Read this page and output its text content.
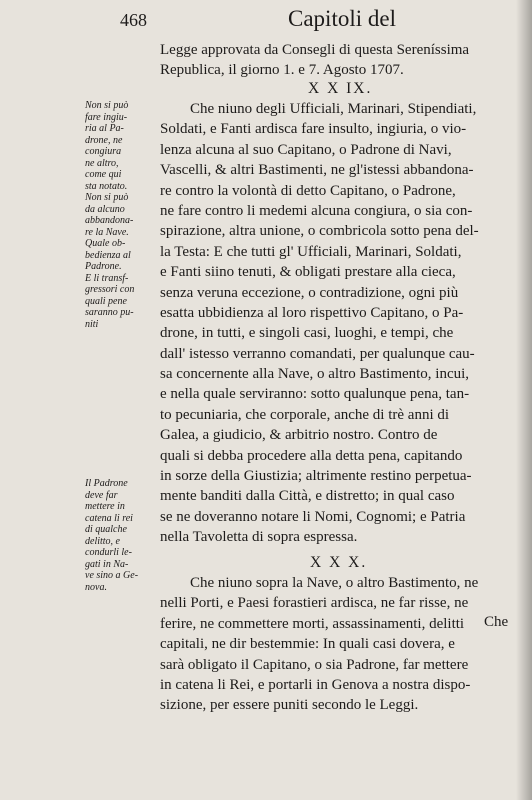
468	Capitoli del
Legge approvata da Consegli di questa Sereníssima
Republica, il giorno 1. e 7. Agosto 1707.
X X IX.
Che niuno degli Ufficiali, Marinari, Stipendiati,
Soldati, e Fanti ardisca fare insulto, ingiuria, o vio-
lenza alcuna al suo Capitano, o Padrone di Navi,
Vascelli, & altri Bastimenti, ne gl'istessi abbandona-
re contro la volontà di detto Capitano, o Padrone,
ne fare contro li medemi alcuna congiura, o sia con-
spirazione, altra unione, o combricola sotto pena del-
la Testa: E che tutti gl' Ufficiali, Marinari, Soldati,
e Fanti siino tenuti, & obligati prestare alla cieca,
senza veruna eccezione, o contradizione, ogni più
esatta ubbidienza al loro rispettivo Capitano, o Pa-
drone, in tutti, e singoli casi, luoghi, e tempi, che
dall' istesso verranno comandati, per qualunque cau-
sa concernente alla Nave, o altro Bastimento, incui,
e nella quale serviranno: sotto qualunque pena, tan-
to pecuniaria, che corporale, anche di trè anni di
Galea, a giudicio, & arbitrio nostro. Contro de
quali si debba procedere alla detta pena, capitando
in sorze della Giustizia; altrimente restino perpetua-
mente banditi dalla Città, e distretto; in qual caso
se ne doveranno notare li Nomi, Cognomi; e Patria
nella Tavoletta di sopra espressa.
X X X.
Che niuno sopra la Nave, o altro Bastimento, ne
nelli Porti, e Paesi forastieri ardisca, ne far risse, ne
ferire, ne commettere morti, assassinamenti, delitti
capitali, ne dir bestemmie: In quali casi dovera, e
sarà obligato il Capitano, o sia Padrone, far mettere
in catena li Rei, e portarli in Genova a nostra dispo-
sizione, per essere puniti secondo le Leggi.
Non si può
fare ingiu-
ria al Pa-
drone, ne
congiura
ne altro,
come qui
sta notato.
Non si può
da alcuno
abbandona-
re la Nave.
Quale ob-
bedienza al
Padrone.
E li transf-
gressori con
quali pene
saranno pu-
niti
Il Padrone
deve far
mettere in
catena li rei
di qualche
delitto, e
condurli le-
gati in Na-
ve sino a Ge-
nova.
Che
